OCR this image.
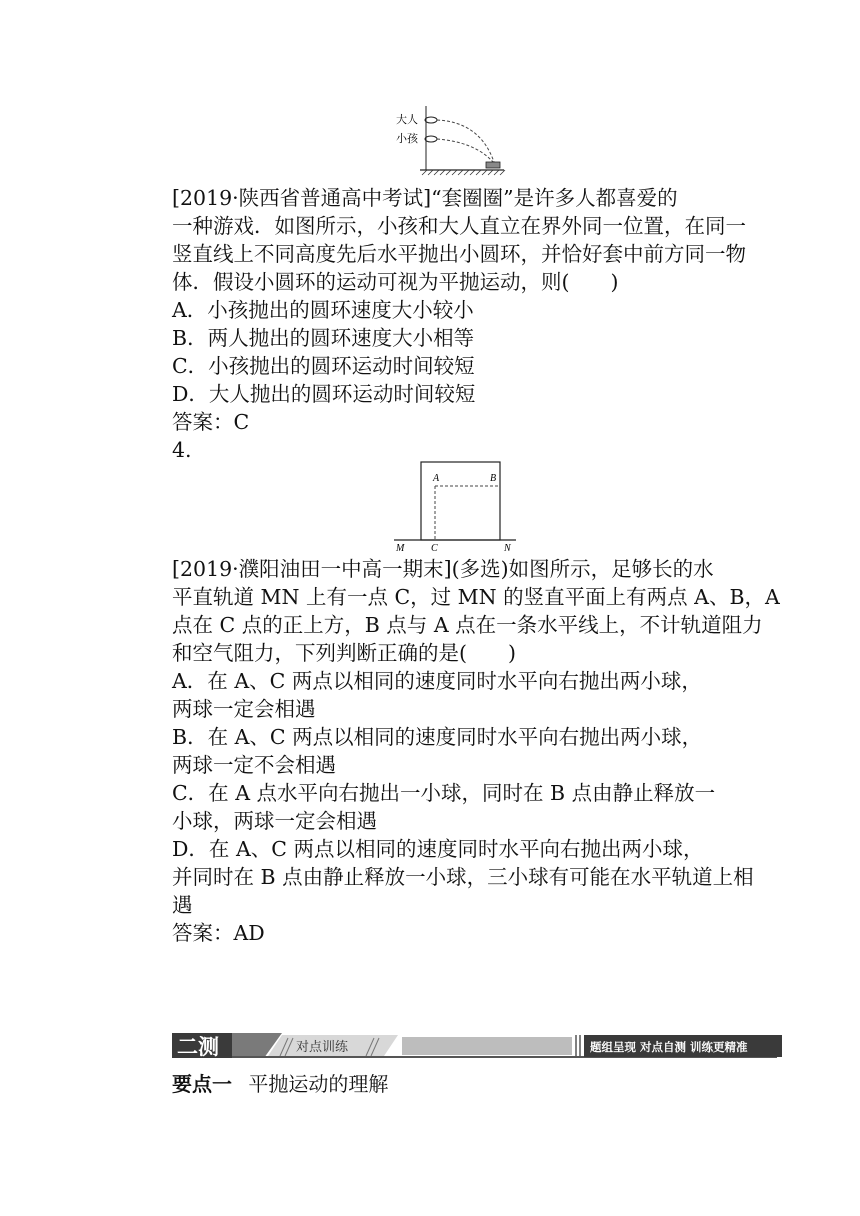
大人
小孩
[2019·陕西省普通高中考试]“套圈圈”是许多人都喜爱的
一种游戏．如图所示，小孩和大人直立在界外同一位置，在同一
竖直线上不同高度先后水平抛出小圆环，并恰好套中前方同一物
体．假设小圆环的运动可视为平抛运动，则(　　)
A．小孩抛出的圆环速度大小较小
B．两人抛出的圆环速度大小相等
C．小孩抛出的圆环运动时间较短
D．大人抛出的圆环运动时间较短
答案：C
4.
A	B
M	C	N
[2019·濮阳油田一中高一期末](多选)如图所示，足够长的水
平直轨道 MN 上有一点 C，过 MN 的竖直平面上有两点 A、B，A
点在 C 点的正上方，B 点与 A 点在一条水平线上，不计轨道阻力
和空气阻力，下列判断正确的是(　　)
A．在 A、C 两点以相同的速度同时水平向右抛出两小球，
两球一定会相遇
B．在 A、C 两点以相同的速度同时水平向右抛出两小球，
两球一定不会相遇
C．在 A 点水平向右抛出一小球，同时在 B 点由静止释放一
小球，两球一定会相遇
D．在 A、C 两点以相同的速度同时水平向右抛出两小球，
并同时在 B 点由静止释放一小球，三小球有可能在水平轨道上相
遇
答案：AD
二测	对点训练	题组呈现 对点自测 训练更精准
要点一 平抛运动的理解
